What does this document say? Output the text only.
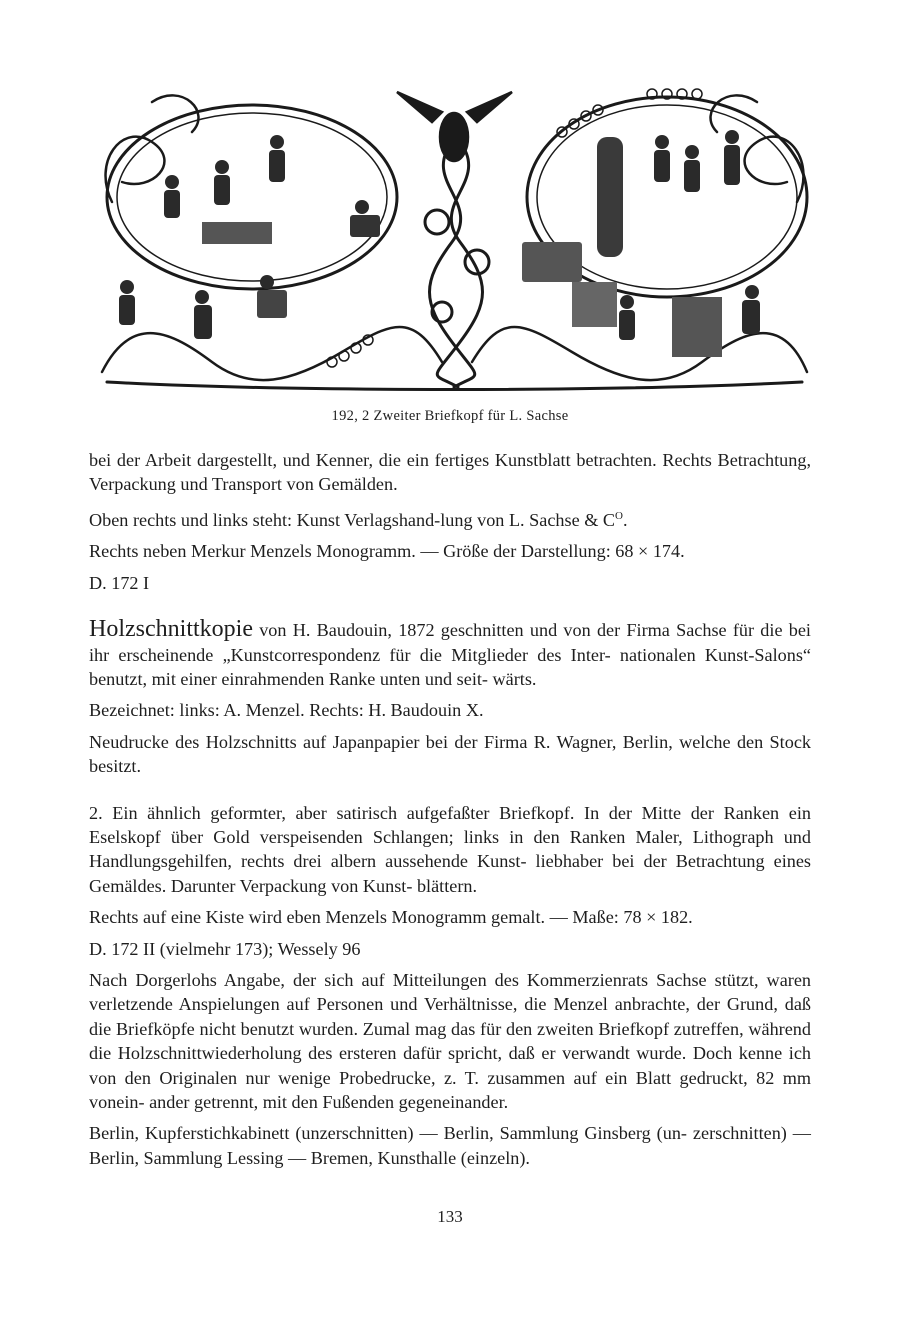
192, 2 Zweiter Briefkopf für L. Sachse

bei der Arbeit dargestellt, und Kenner, die ein fertiges Kunstblatt betrachten. Rechts Betrachtung, Verpackung und Transport von Gemälden.

Oben rechts und links steht: Kunst Verlagshand-lung von L. Sachse & $C^O$.

Rechts neben Merkur Menzels Monogramm. — Größe der Darstellung: 68 × 174.

D. 172 I

Holzschnittkopie von H. Baudouin, 1872 geschnitten und von der Firma Sachse für die bei ihr erscheinende „Kunstcorrespondenz für die Mitglieder des Inter- nationalen Kunst-Salons“ benutzt, mit einer einrahmenden Ranke unten und seit- wärts.

Bezeichnet: links: A. Menzel. Rechts: H. Baudouin X.

Neudrucke des Holzschnitts auf Japanpapier bei der Firma R. Wagner, Berlin, welche den Stock besitzt.

2. Ein ähnlich geformter, aber satirisch aufgefaßter Briefkopf. In der Mitte der Ranken ein Eselskopf über Gold verspeisenden Schlangen; links in den Ranken Maler, Lithograph und Handlungsgehilfen, rechts drei albern aussehende Kunst- liebhaber bei der Betrachtung eines Gemäldes. Darunter Verpackung von Kunst- blättern.

Rechts auf eine Kiste wird eben Menzels Monogramm gemalt. — Maße: 78 × 182.

D. 172 II (vielmehr 173); Wessely 96

Nach Dorgerlohs Angabe, der sich auf Mitteilungen des Kommerzienrats Sachse stützt, waren verletzende Anspielungen auf Personen und Verhältnisse, die Menzel anbrachte, der Grund, daß die Briefköpfe nicht benutzt wurden. Zumal mag das für den zweiten Briefkopf zutreffen, während die Holzschnittwiederholung des ersteren dafür spricht, daß er verwandt wurde. Doch kenne ich von den Originalen nur wenige Probedrucke, z. T. zusammen auf ein Blatt gedruckt, 82 mm vonein- ander getrennt, mit den Fußenden gegeneinander.

Berlin, Kupferstichkabinett (unzerschnitten) — Berlin, Sammlung Ginsberg (un- zerschnitten) — Berlin, Sammlung Lessing — Bremen, Kunsthalle (einzeln).

133
